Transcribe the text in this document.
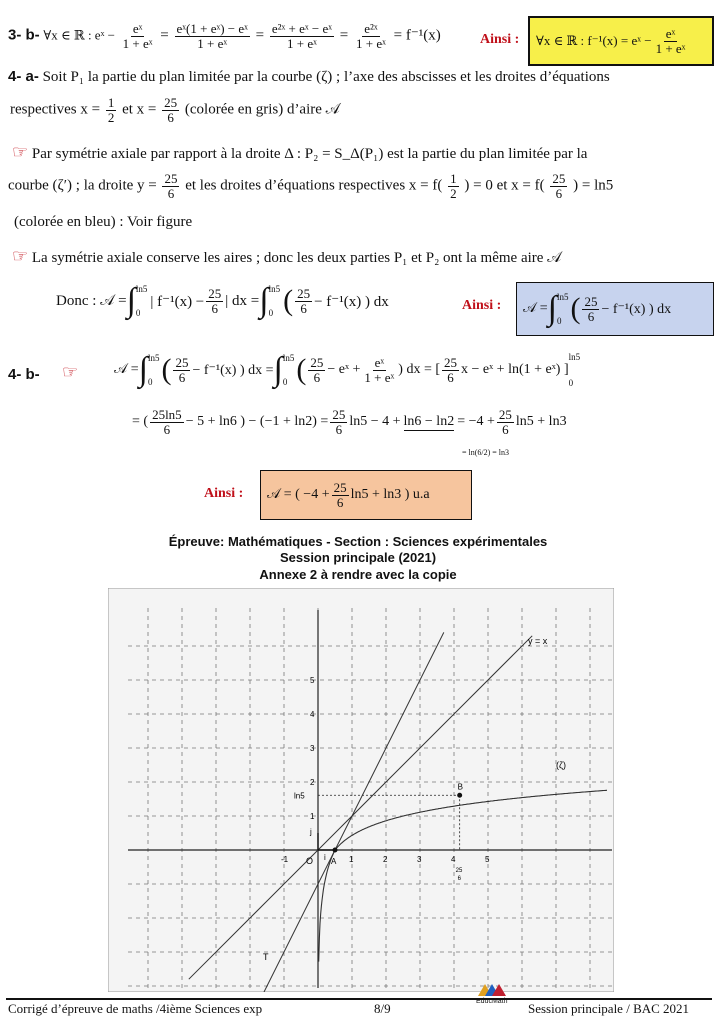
3- b- ∀x ∈ ℝ : eˣ − $\frac{\text{eˣ}}{\text{1 + eˣ}} = \frac{\text{eˣ(1 + eˣ) − eˣ}}{\text{1 + eˣ}} = \frac{\text{e²ˣ + eˣ − eˣ}}{\text{1 + eˣ}} = \frac{\text{e²ˣ}}{\text{1 + eˣ}} = f^{-1}(x)$	Ainsi : ∀x ∈ ℝ : f⁻¹(x) = eˣ − $\frac{\text{eˣ}}{\text{1 + eˣ}}$
4- a- Soit P₁ la partie du plan limitée par la courbe (ζ) ; l’axe des abscisses et les droites d’équations
respectives $x = \frac{1}{2}$ et $x = \frac{25}{6}$ (colorée en gris) d’aire 𝒜
☞ Par symétrie axiale par rapport à la droite Δ : P₂ = S_Δ(P₁) est la partie du plan limitée par la
courbe (ζ′) ; la droite $y = \frac{25}{6}$ et les droites d’équations respectives $x = f( \frac{1}{2}$ ) = 0 et $x = f( \frac{25}{6}$ ) = ln5
(colorée en bleu) : Voir figure
☞ La symétrie axiale conserve les aires ; donc les deux parties P₁ et P₂ ont la même aire 𝒜
Donc : 𝒜 = ∫ ln5
0
| $f^{-1}(x) - \frac{25}{6}$ | dx = ∫ ln5
0 ( $\frac{25}{6} - f^{-1}(x)$ ) dx	Ainsi : 𝒜 = ∫ ln5
0 ( $\frac{25}{6} - f^{-1}(x)$ ) dx
4- b- ☞	𝒜 = ∫ ln5
0 ( $\frac{25}{6} - f^{-1}(x)$ ) dx = ∫ ln5
0 ( $\frac{25}{6}$ − eˣ + $\frac{\text{eˣ}}{\text{1 + eˣ}}$ ) dx = [ $\frac{25}{6}$ x − eˣ + ln(1 + eˣ) ]
ln5
0
= ( $\frac{25\ln 5}{6} - 5 + \ln 6$ ) − $(-1 + \ln 2) = \frac{25}{6} \ln 5 - 4 + \ln 6 - \ln 2 = -4 + \frac{25}{6} \ln 5 + \ln 3$
= ln(6/2) = ln3
Ainsi : 𝒜 = ( $-4 + \frac{25}{6} \ln 5 + \ln 3$ ) u.a
Épreuve: Mathématiques - Section : Sciences expérimentales
Session principale (2021)
Annexe 2 à rendre avec la copie
-1	1	2	3	4	5
1
2
3
4
5
y = x
(ζ)
T
A
B
O i
j
ln5
25
6
Corrigé d’épreuve de maths /4ième Sciences exp	8/9	EducMath Session principale / BAC 2021
